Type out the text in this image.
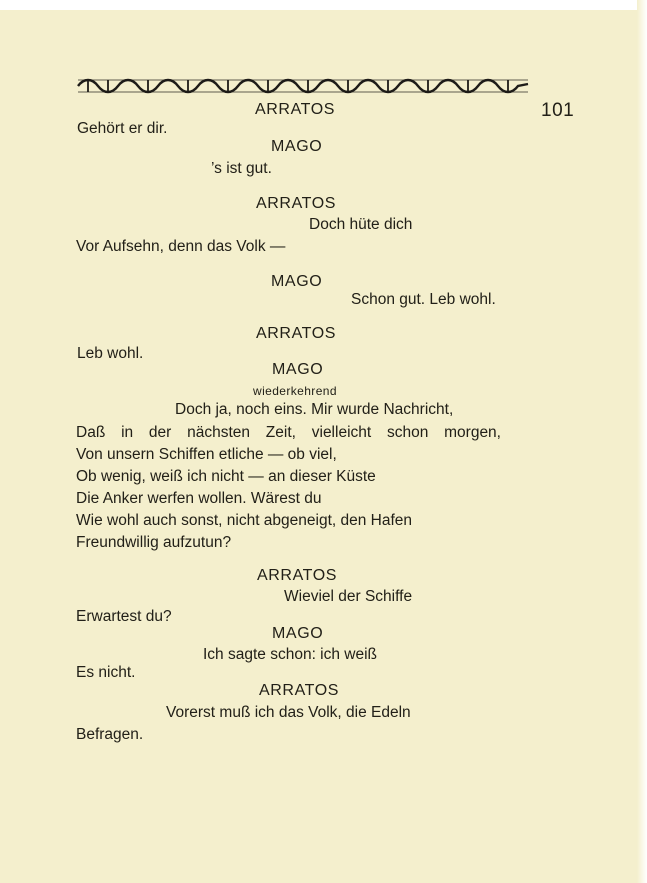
101

ARRATOS

Gehört er dir.

MAGO

’s ist gut.

ARRATOS

Doch hüte dich

Vor Aufsehn, denn das Volk —

MAGO

Schon gut. Leb wohl.

ARRATOS

Leb wohl.

MAGO

wiederkehrend

Doch ja, noch eins. Mir wurde Nachricht,

Daß in der nächsten Zeit, vielleicht schon morgen,

Von unsern Schiffen etliche — ob viel,

Ob wenig, weiß ich nicht — an dieser Küste

Die Anker werfen wollen. Wärest du

Wie wohl auch sonst, nicht abgeneigt, den Hafen

Freundwillig aufzutun?

ARRATOS

Wieviel der Schiffe

Erwartest du?

MAGO

Ich sagte schon: ich weiß

Es nicht.

ARRATOS

Vorerst muß ich das Volk, die Edeln

Befragen.
